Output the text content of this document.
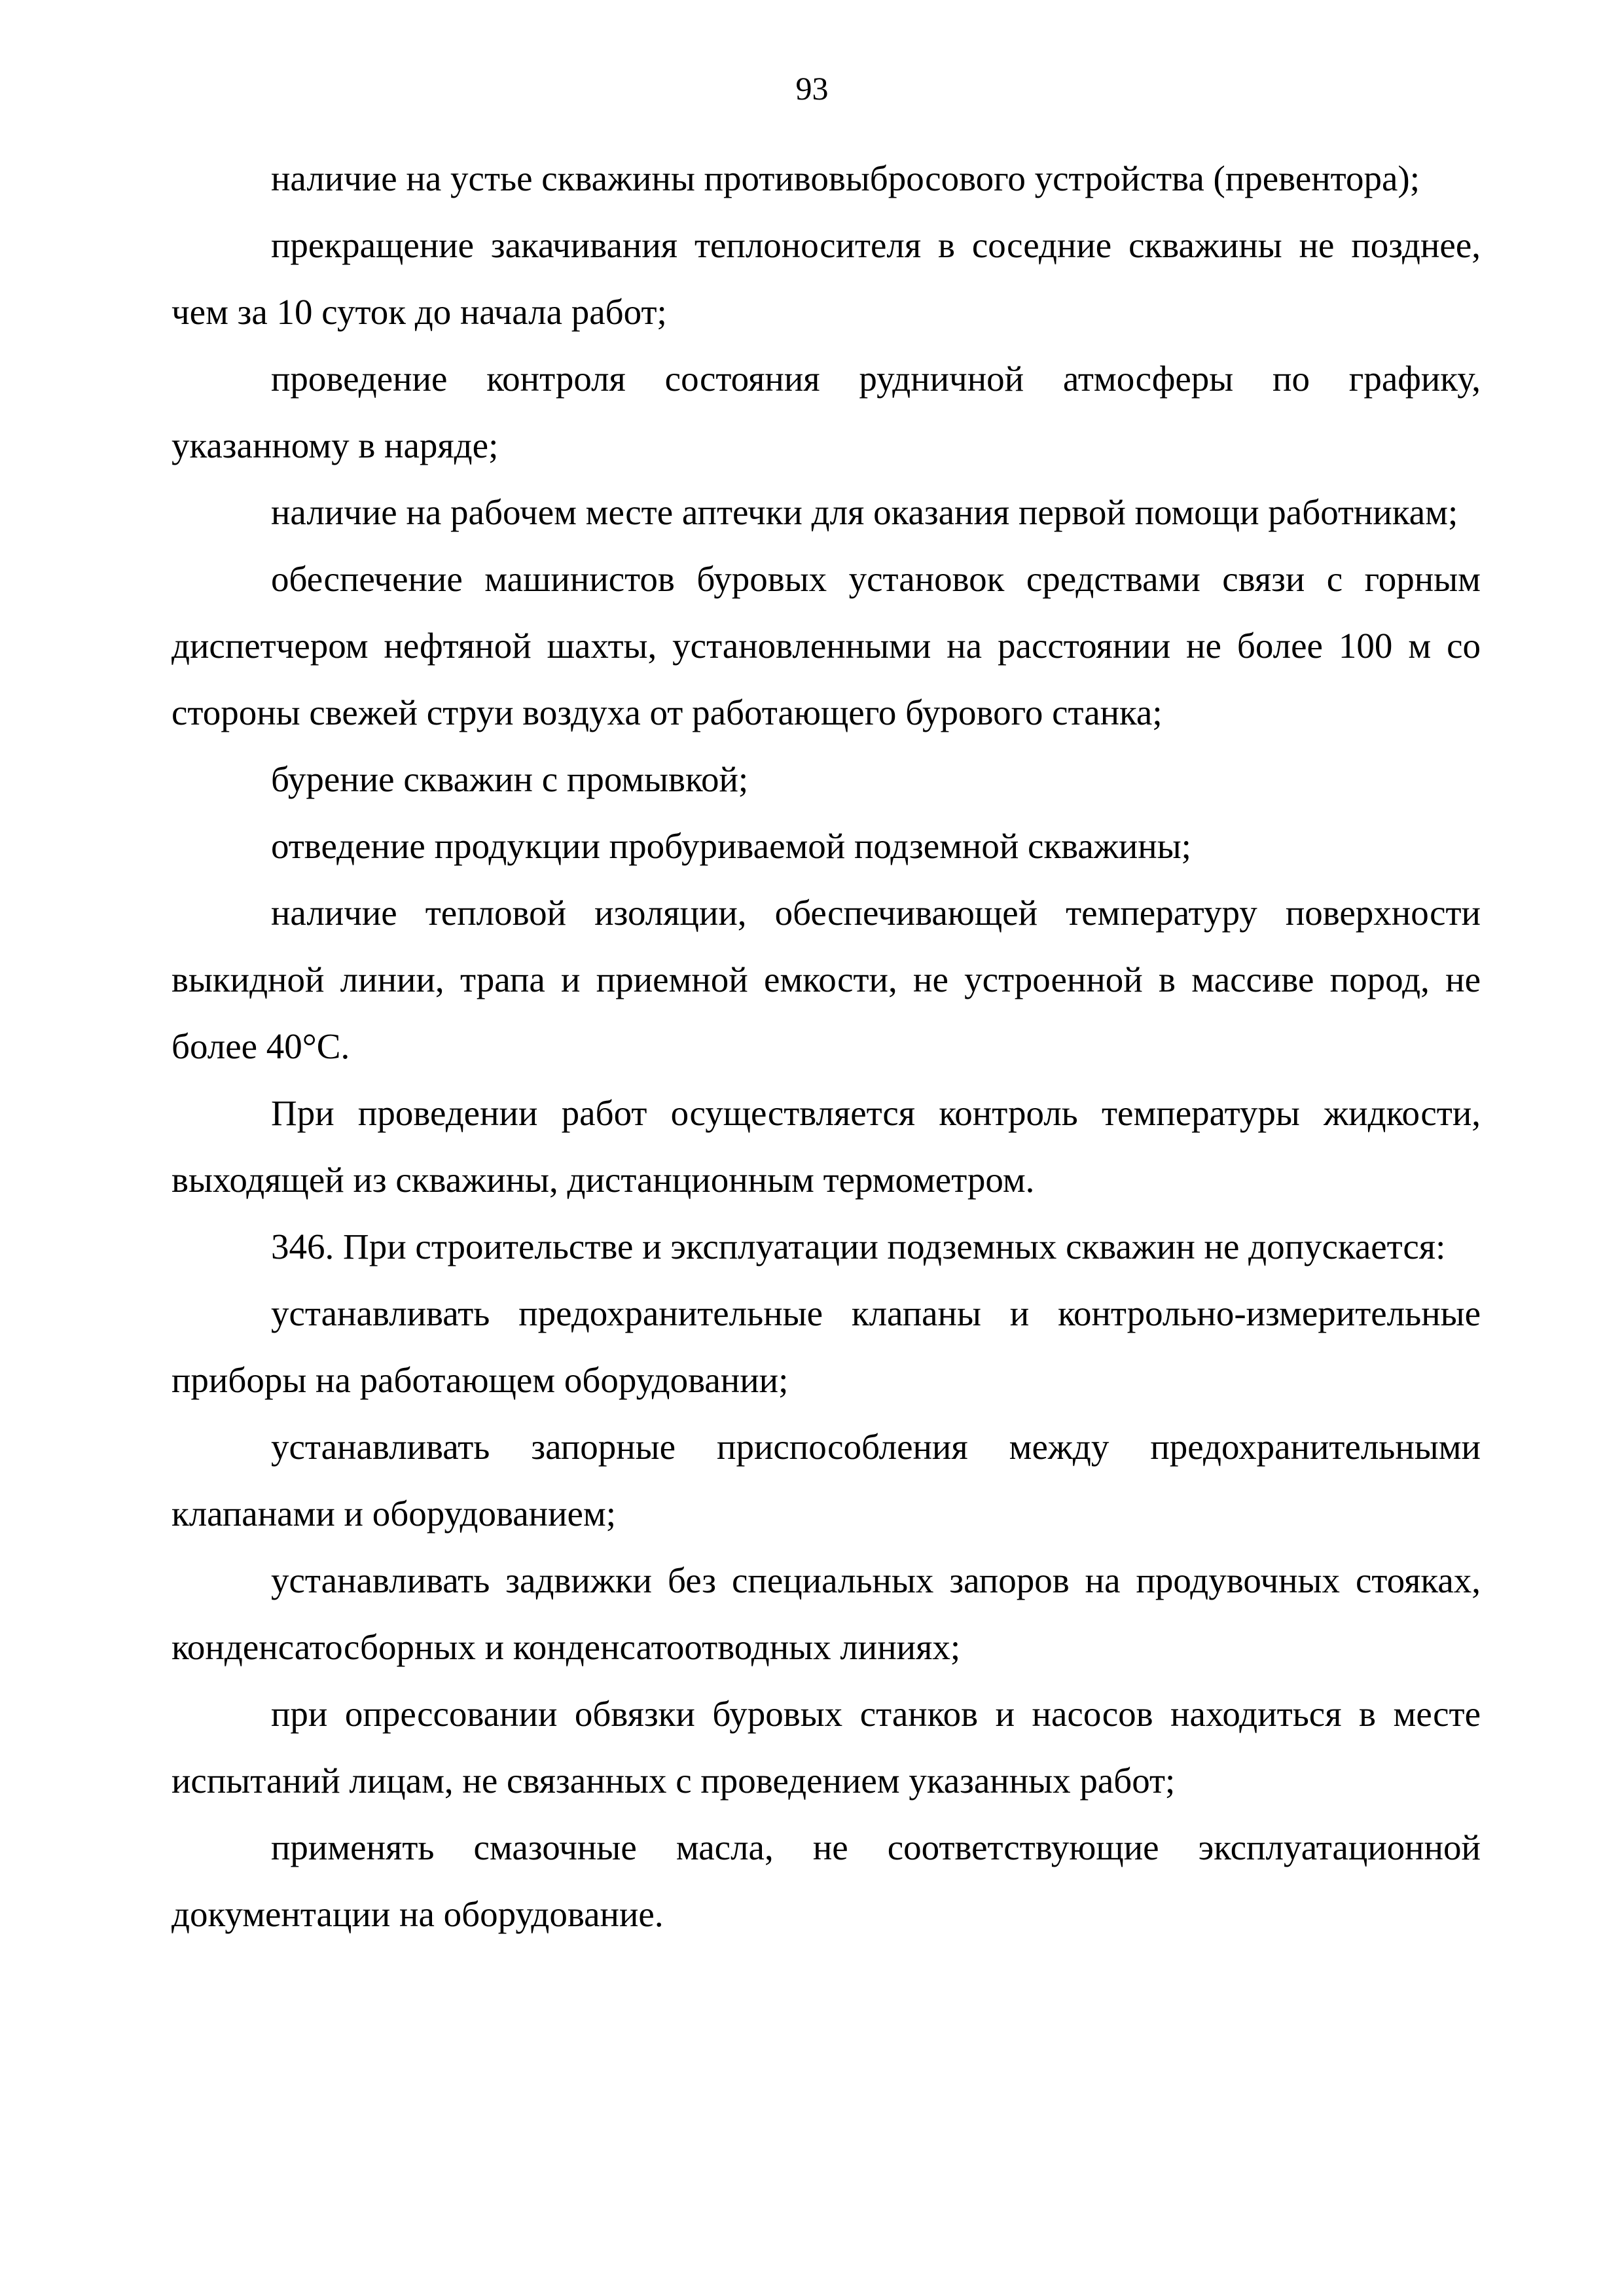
93

наличие на устье скважины противовыбросового устройства (превентора);

прекращение закачивания теплоносителя в соседние скважины не позднее, чем за 10 суток до начала работ;

проведение контроля состояния рудничной атмосферы по графику, указанному в наряде;

наличие на рабочем месте аптечки для оказания первой помощи работникам;

обеспечение машинистов буровых установок средствами связи с горным диспетчером нефтяной шахты, установленными на расстоянии не более 100 м со стороны свежей струи воздуха от работающего бурового станка;

бурение скважин с промывкой;

отведение продукции пробуриваемой подземной скважины;

наличие тепловой изоляции, обеспечивающей температуру поверхности выкидной линии, трапа и приемной емкости, не устроенной в массиве пород, не более 40°С.

При проведении работ осуществляется контроль температуры жидкости, выходящей из скважины, дистанционным термометром.

346. При строительстве и эксплуатации подземных скважин не допускается:

устанавливать предохранительные клапаны и контрольно-измерительные приборы на работающем оборудовании;

устанавливать запорные приспособления между предохранительными клапанами и оборудованием;

устанавливать задвижки без специальных запоров на продувочных стояках, конденсатосборных и конденсатоотводных линиях;

при опрессовании обвязки буровых станков и насосов находиться в месте испытаний лицам, не связанных с проведением указанных работ;

применять смазочные масла, не соответствующие эксплуатационной документации на оборудование.
